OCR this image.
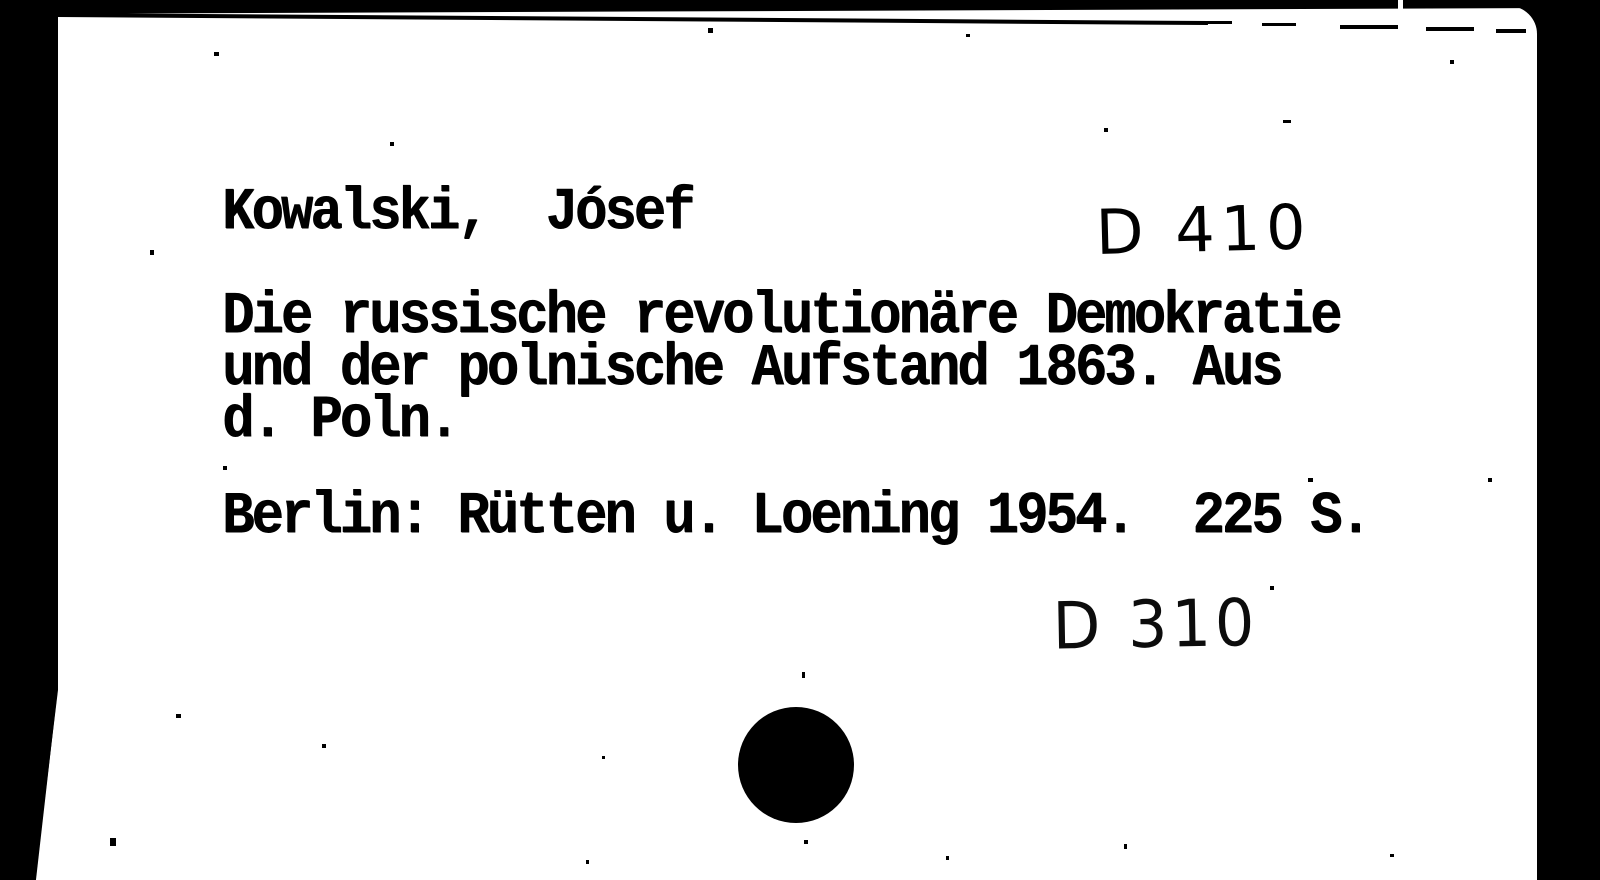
Kowalski,  Jósef	D 410
Die russische revolutionäre Demokratie
und der polnische Aufstand 1863. Aus
d. Poln.
Berlin: Rütten u. Loening 1954.  225 S.
D 310
